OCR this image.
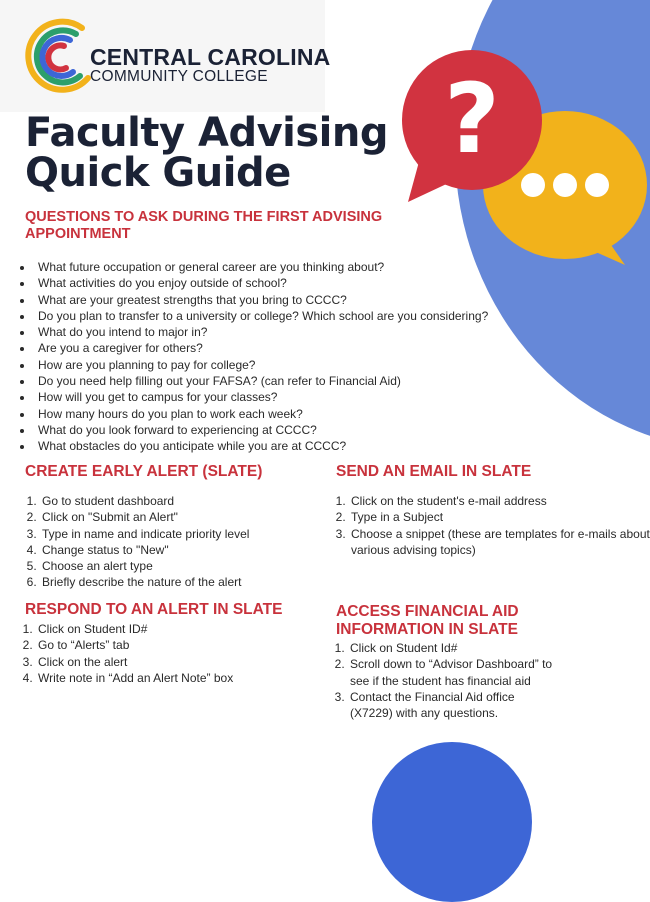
?
CENTRAL CAROLINA
COMMUNITY COLLEGE
Faculty Advising
Quick Guide
QUESTIONS TO ASK DURING THE FIRST ADVISING APPOINTMENT
• What future occupation or general career are you thinking about?
• What activities do you enjoy outside of school?
• What are your greatest strengths that you bring to CCCC?
• Do you plan to transfer to a university or college? Which school are you considering?
• What do you intend to major in?
• Are you a caregiver for others?
• How are you planning to pay for college?
• Do you need help filling out your FAFSA? (can refer to Financial Aid)
• How will you get to campus for your classes?
• How many hours do you plan to work each week?
• What do you look forward to experiencing at CCCC?
• What obstacles do you anticipate while you are at CCCC?
CREATE EARLY ALERT (SLATE)
1. Go to student dashboard
2. Click on "Submit an Alert"
3. Type in name and indicate priority level
4. Change status to "New"
5. Choose an alert type
6. Briefly describe the nature of the alert
SEND AN EMAIL IN SLATE
1. Click on the student's e-mail address
2. Type in a Subject
3. Choose a snippet (these are templates for e-mails about various advising topics)
RESPOND TO AN ALERT IN SLATE
1. Click on Student ID#
2. Go to “Alerts” tab
3. Click on the alert
4. Write note in “Add an Alert Note” box
ACCESS FINANCIAL AID INFORMATION IN SLATE
1. Click on Student Id#
2. Scroll down to “Advisor Dashboard” to see if the student has financial aid
3. Contact the Financial Aid office (X7229) with any questions.
